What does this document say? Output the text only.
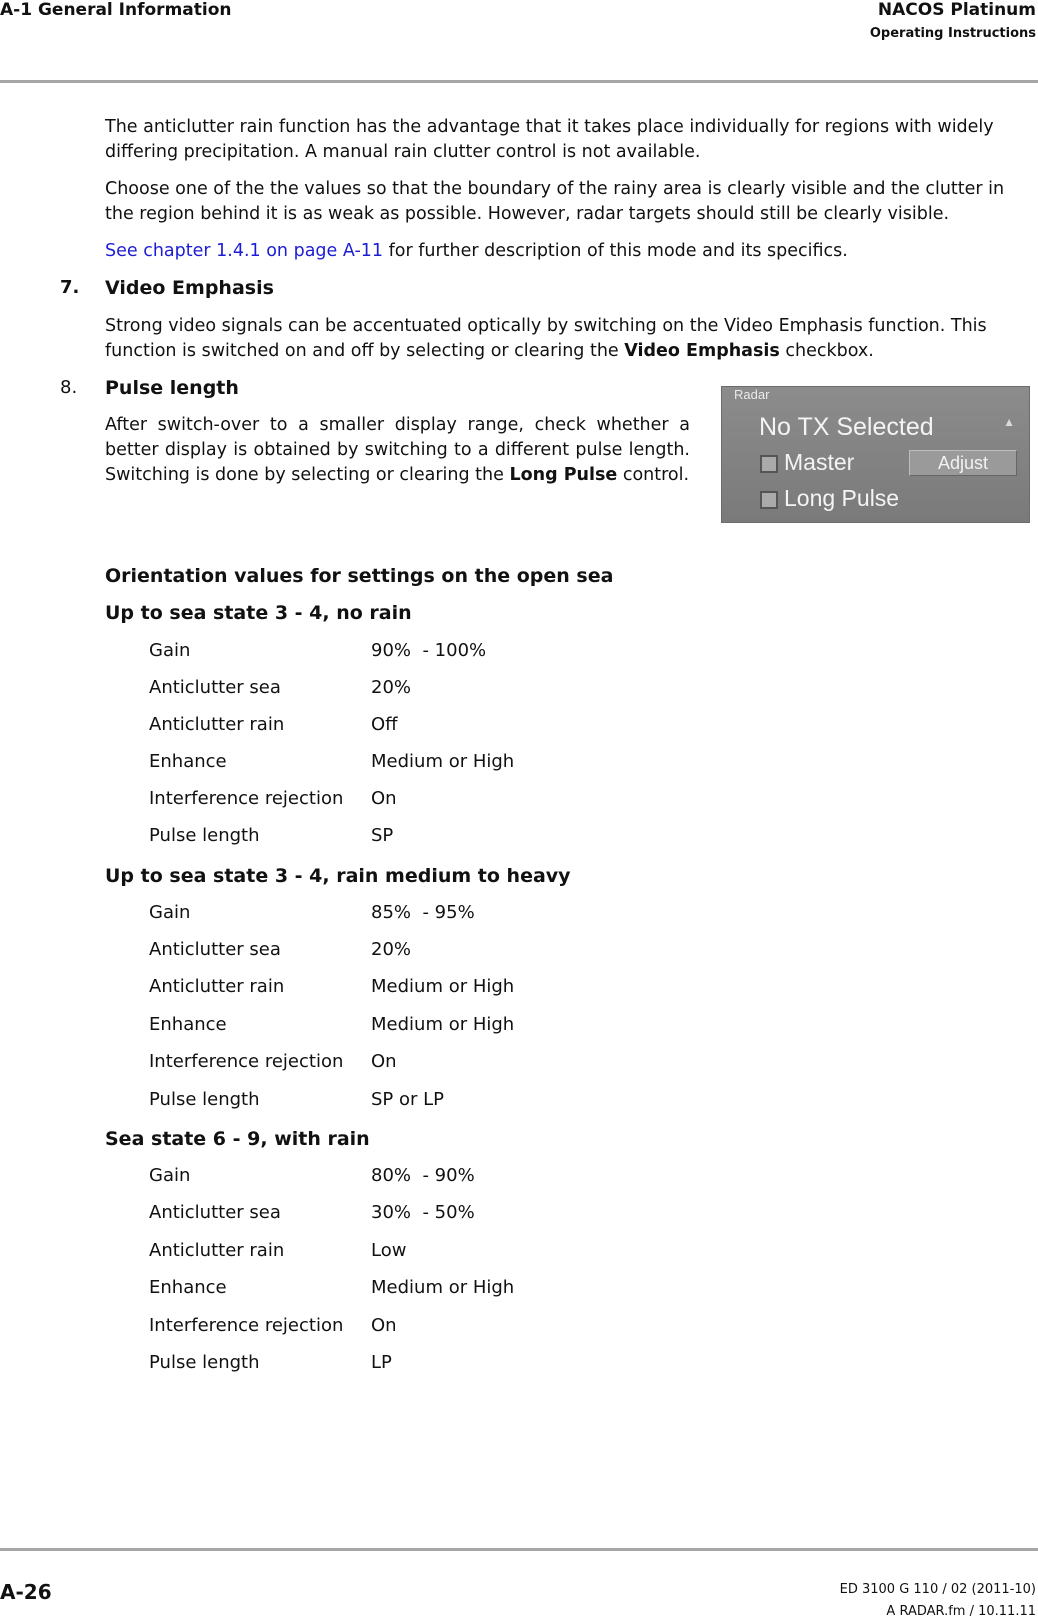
A-1 General Information	NACOS Platinum
Operating Instructions
The anticlutter rain function has the advantage that it takes place individually for regions with widely differing precipitation. A manual rain clutter control is not available.
Choose one of the the values so that the boundary of the rainy area is clearly visible and the clutter in the region behind it is as weak as possible. However, radar targets should still be clearly visible.
See chapter 1.4.1 on page A-11 for further description of this mode and its specifics.
7. Video Emphasis
Strong video signals can be accentuated optically by switching on the Video Emphasis function. This function is switched on and off by selecting or clearing the Video Emphasis checkbox.
8. Pulse length
After switch-over to a smaller display range, check whether a better display is obtained by switching to a different pulse length. Switching is done by selecting or clearing the Long Pulse control.
Radar
No TX Selected	▲
Master	Adjust
Long Pulse
Orientation values for settings on the open sea
Up to sea state 3 - 4, no rain
Gain	90%  - 100%
Anticlutter sea	20%
Anticlutter rain	Off
Enhance	Medium or High
Interference rejection On
Pulse length	SP
Up to sea state 3 - 4, rain medium to heavy
Gain	85%  - 95%
Anticlutter sea	20%
Anticlutter rain	Medium or High
Enhance	Medium or High
Interference rejection On
Pulse length	SP or LP
Sea state 6 - 9, with rain
Gain	80%  - 90%
Anticlutter sea	30%  - 50%
Anticlutter rain	Low
Enhance	Medium or High
Interference rejection On
Pulse length	LP
A-26	ED 3100 G 110 / 02 (2011-10)
A RADAR.fm / 10.11.11
